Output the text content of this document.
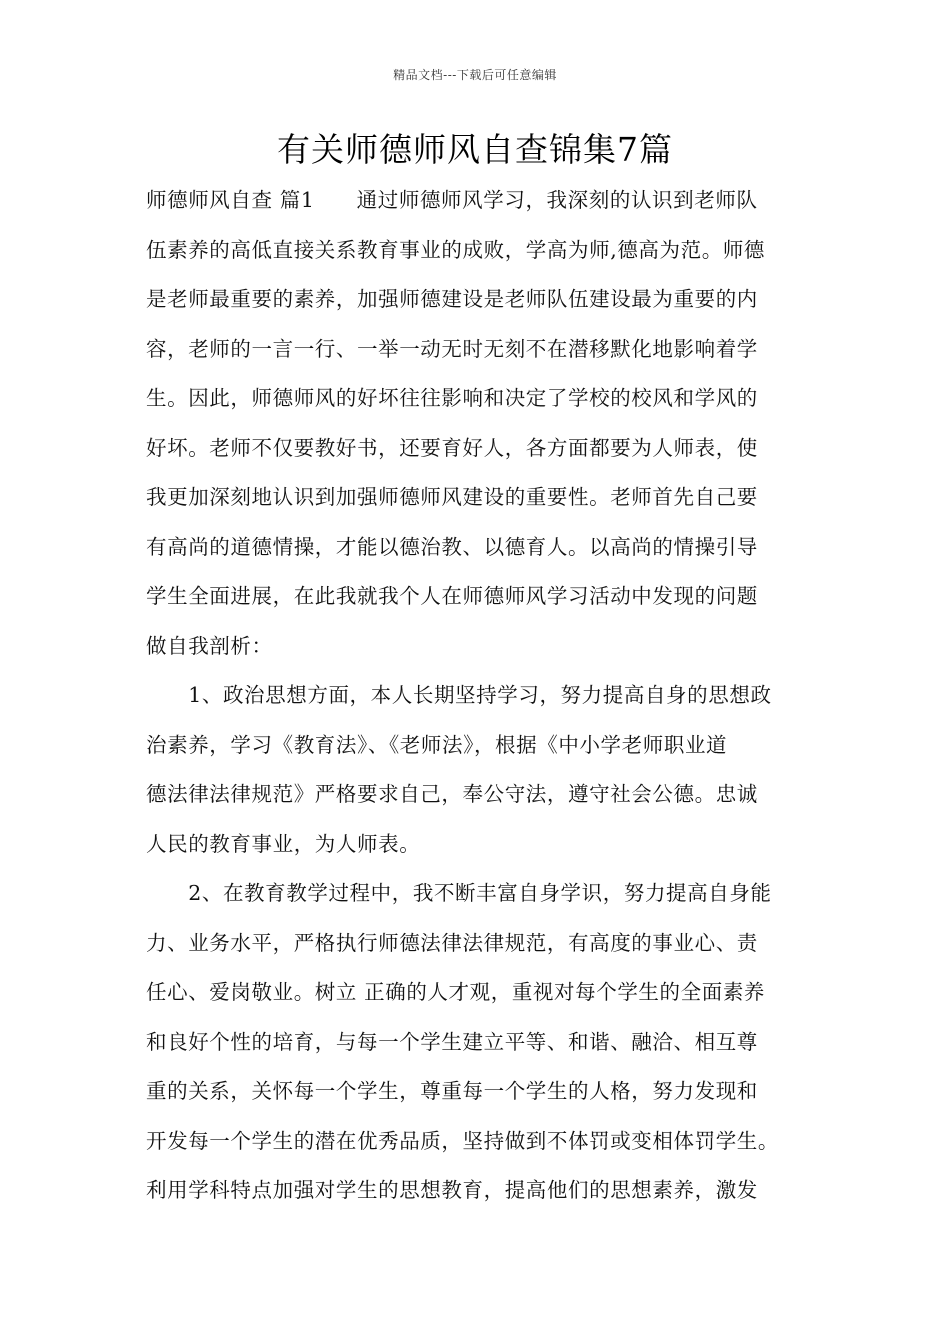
精品文档---下载后可任意编辑
有关师德师风自查锦集7篇
师德师风自查 篇1　　通过师德师风学习，我深刻的认识到老师队
伍素养的高低直接关系教育事业的成败，学高为师,德高为范。师德
是老师最重要的素养，加强师德建设是老师队伍建设最为重要的内
容，老师的一言一行、一举一动无时无刻不在潜移默化地影响着学
生。因此，师德师风的好坏往往影响和决定了学校的校风和学风的
好坏。老师不仅要教好书，还要育好人，各方面都要为人师表，使
我更加深刻地认识到加强师德师风建设的重要性。老师首先自己要
有高尚的道德情操，才能以德治教、以德育人。以高尚的情操引导
学生全面进展，在此我就我个人在师德师风学习活动中发现的问题
做自我剖析：
　　1、政治思想方面，本人长期坚持学习，努力提高自身的思想政
治素养，学习《教育法》、《老师法》，根据《中小学老师职业道
德法律法律规范》严格要求自己，奉公守法，遵守社会公德。忠诚
人民的教育事业，为人师表。
　　2、在教育教学过程中，我不断丰富自身学识，努力提高自身能
力、业务水平，严格执行师德法律法律规范，有高度的事业心、责
任心、爱岗敬业。树立 正确的人才观，重视对每个学生的全面素养
和良好个性的培育，与每一个学生建立平等、和谐、融洽、相互尊
重的关系，关怀每一个学生，尊重每一个学生的人格，努力发现和
开发每一个学生的潜在优秀品质，坚持做到不体罚或变相体罚学生。
利用学科特点加强对学生的思想教育，提高他们的思想素养，激发
